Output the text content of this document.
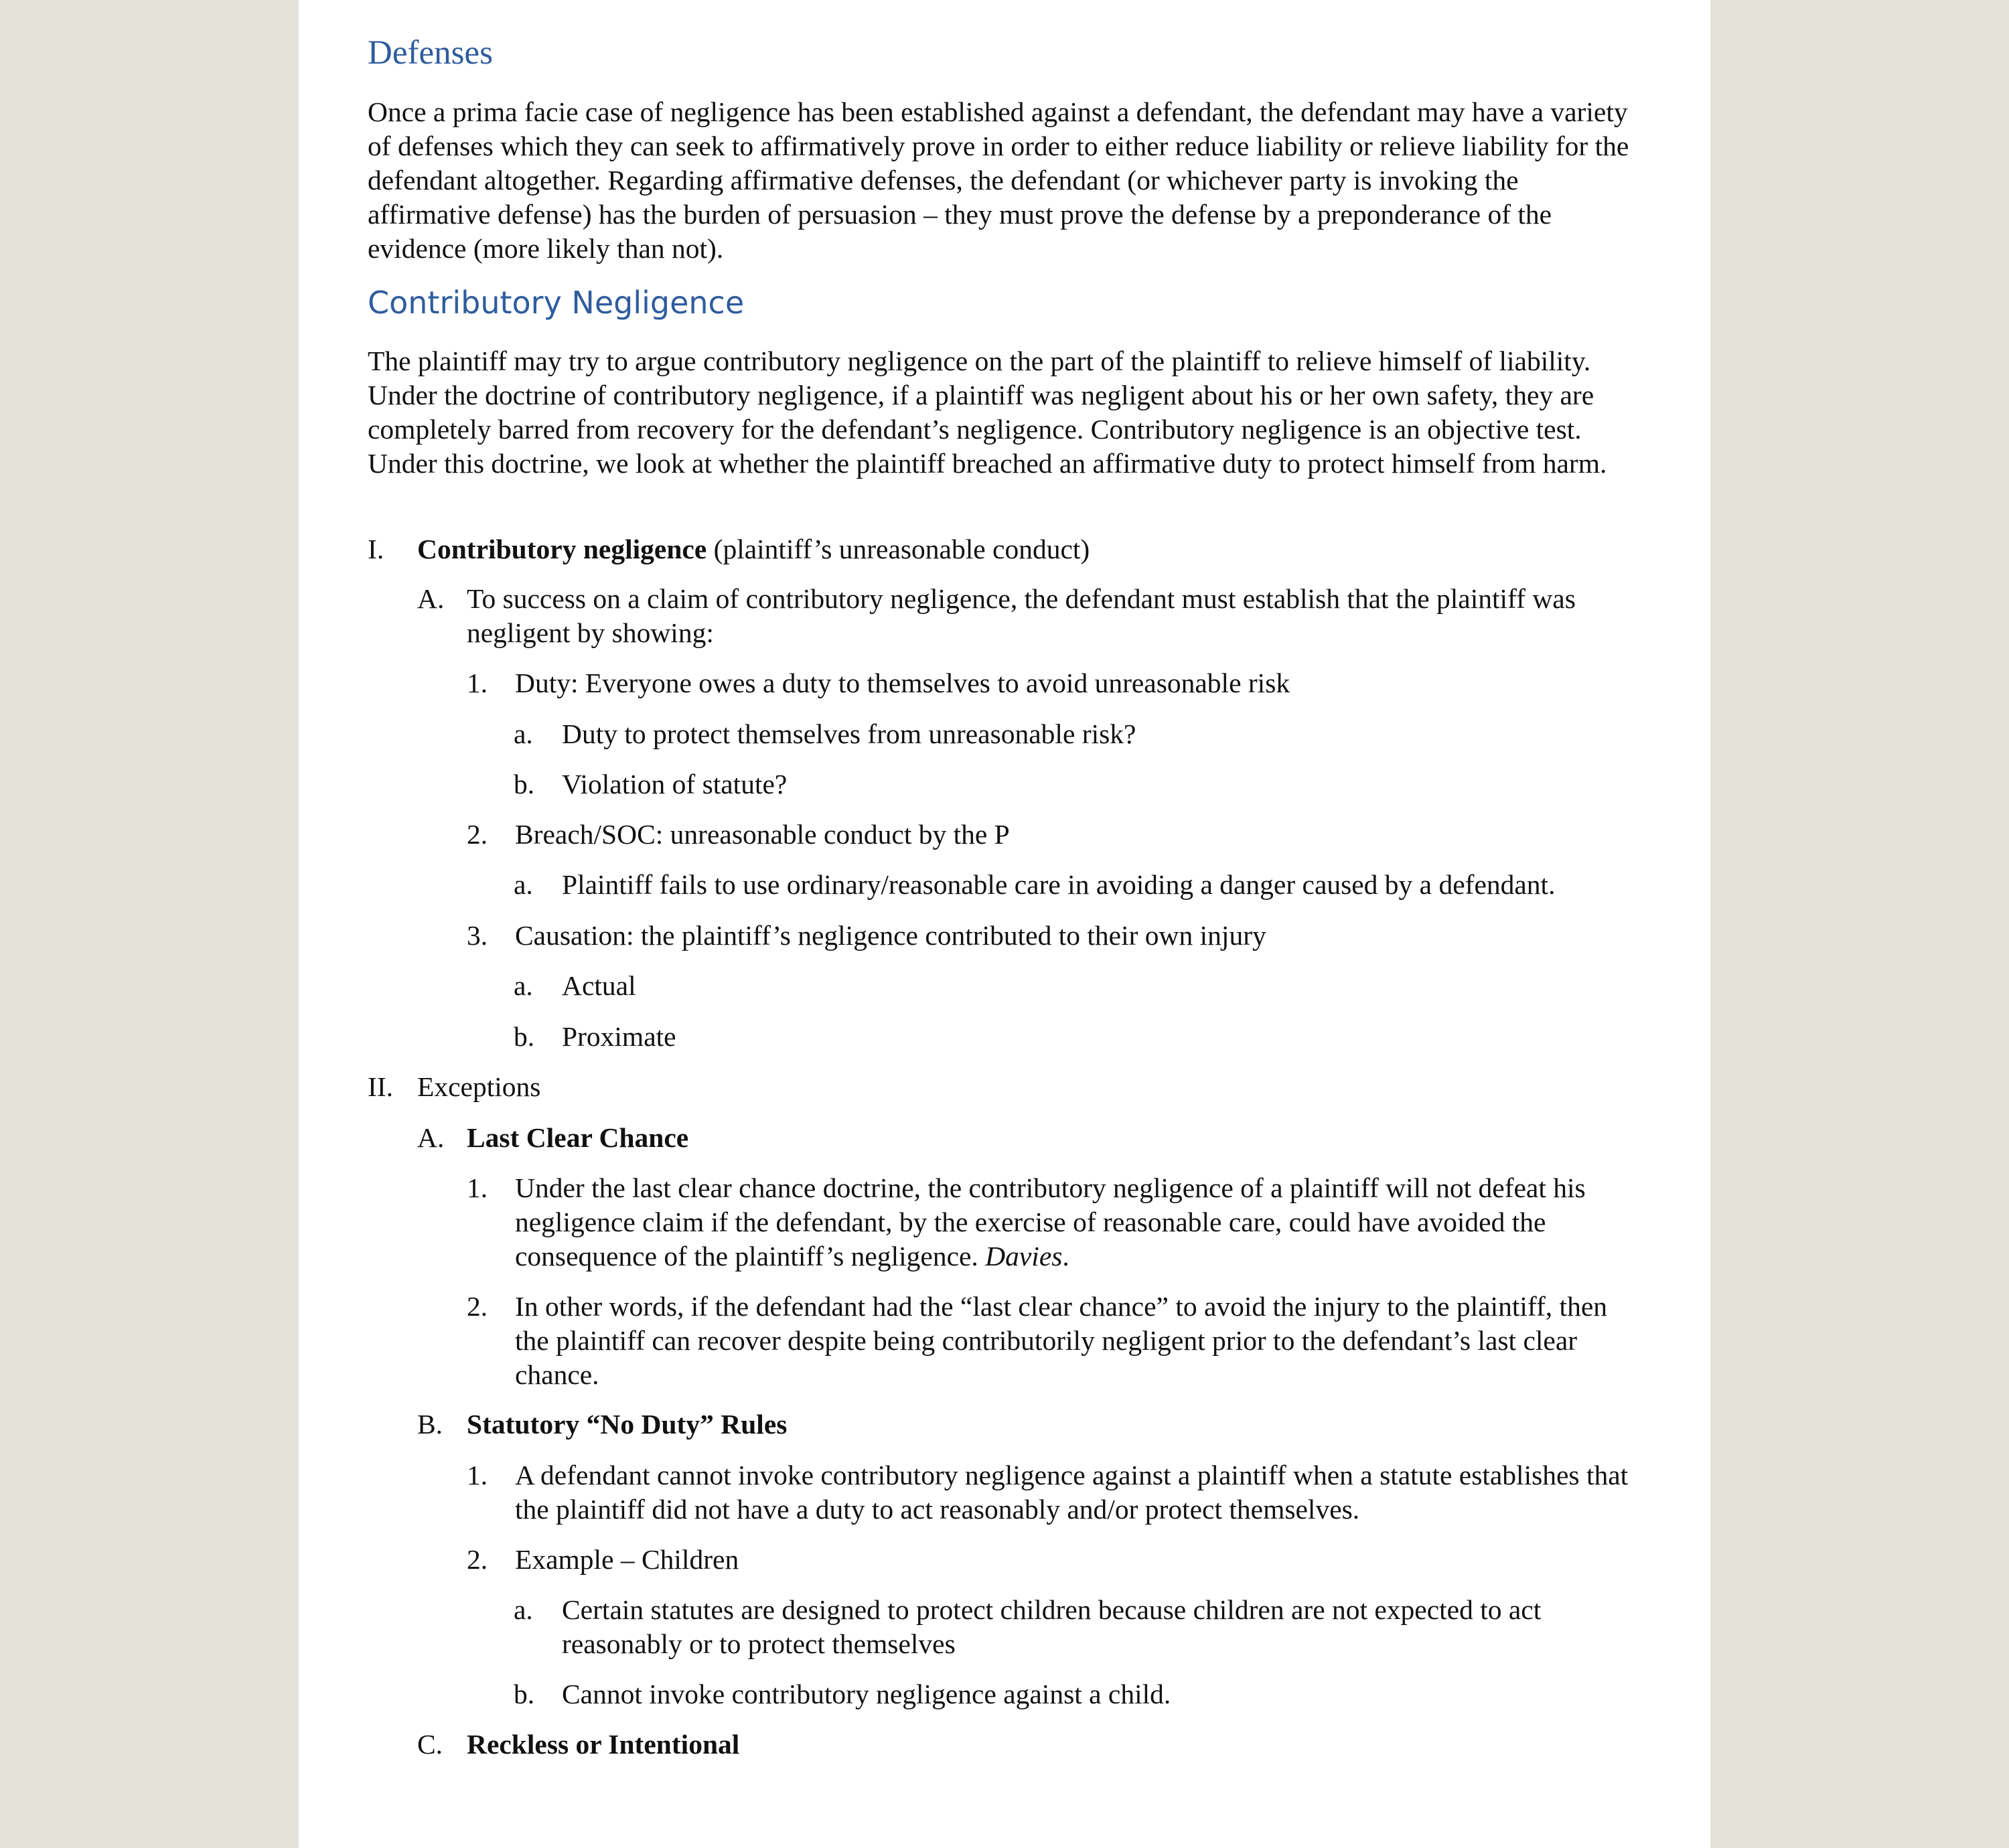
Defenses

Once a prima facie case of negligence has been established against a defendant, the defendant may have a variety of defenses which they can seek to affirmatively prove in order to either reduce liability or relieve liability for the defendant altogether. Regarding affirmative defenses, the defendant (or whichever party is invoking the affirmative defense) has the burden of persuasion – they must prove the defense by a preponderance of the evidence (more likely than not).

Contributory Negligence

The plaintiff may try to argue contributory negligence on the part of the plaintiff to relieve himself of liability. Under the doctrine of contributory negligence, if a plaintiff was negligent about his or her own safety, they are completely barred from recovery for the defendant’s negligence. Contributory negligence is an objective test. Under this doctrine, we look at whether the plaintiff breached an affirmative duty to protect himself from harm.

I. Contributory negligence (plaintiff’s unreasonable conduct)
A. To success on a claim of contributory negligence, the defendant must establish that the plaintiff was negligent by showing:
1. Duty: Everyone owes a duty to themselves to avoid unreasonable risk
a. Duty to protect themselves from unreasonable risk?
b. Violation of statute?
2. Breach/SOC: unreasonable conduct by the P
a. Plaintiff fails to use ordinary/reasonable care in avoiding a danger caused by a defendant.
3. Causation: the plaintiff’s negligence contributed to their own injury
a. Actual
b. Proximate
II. Exceptions
A. Last Clear Chance
1. Under the last clear chance doctrine, the contributory negligence of a plaintiff will not defeat his negligence claim if the defendant, by the exercise of reasonable care, could have avoided the consequence of the plaintiff’s negligence. Davies.
2. In other words, if the defendant had the “last clear chance” to avoid the injury to the plaintiff, then the plaintiff can recover despite being contributorily negligent prior to the defendant’s last clear chance.
B. Statutory “No Duty” Rules
1. A defendant cannot invoke contributory negligence against a plaintiff when a statute establishes that the plaintiff did not have a duty to act reasonably and/or protect themselves.
2. Example – Children
a. Certain statutes are designed to protect children because children are not expected to act reasonably or to protect themselves
b. Cannot invoke contributory negligence against a child.
C. Reckless or Intentional
